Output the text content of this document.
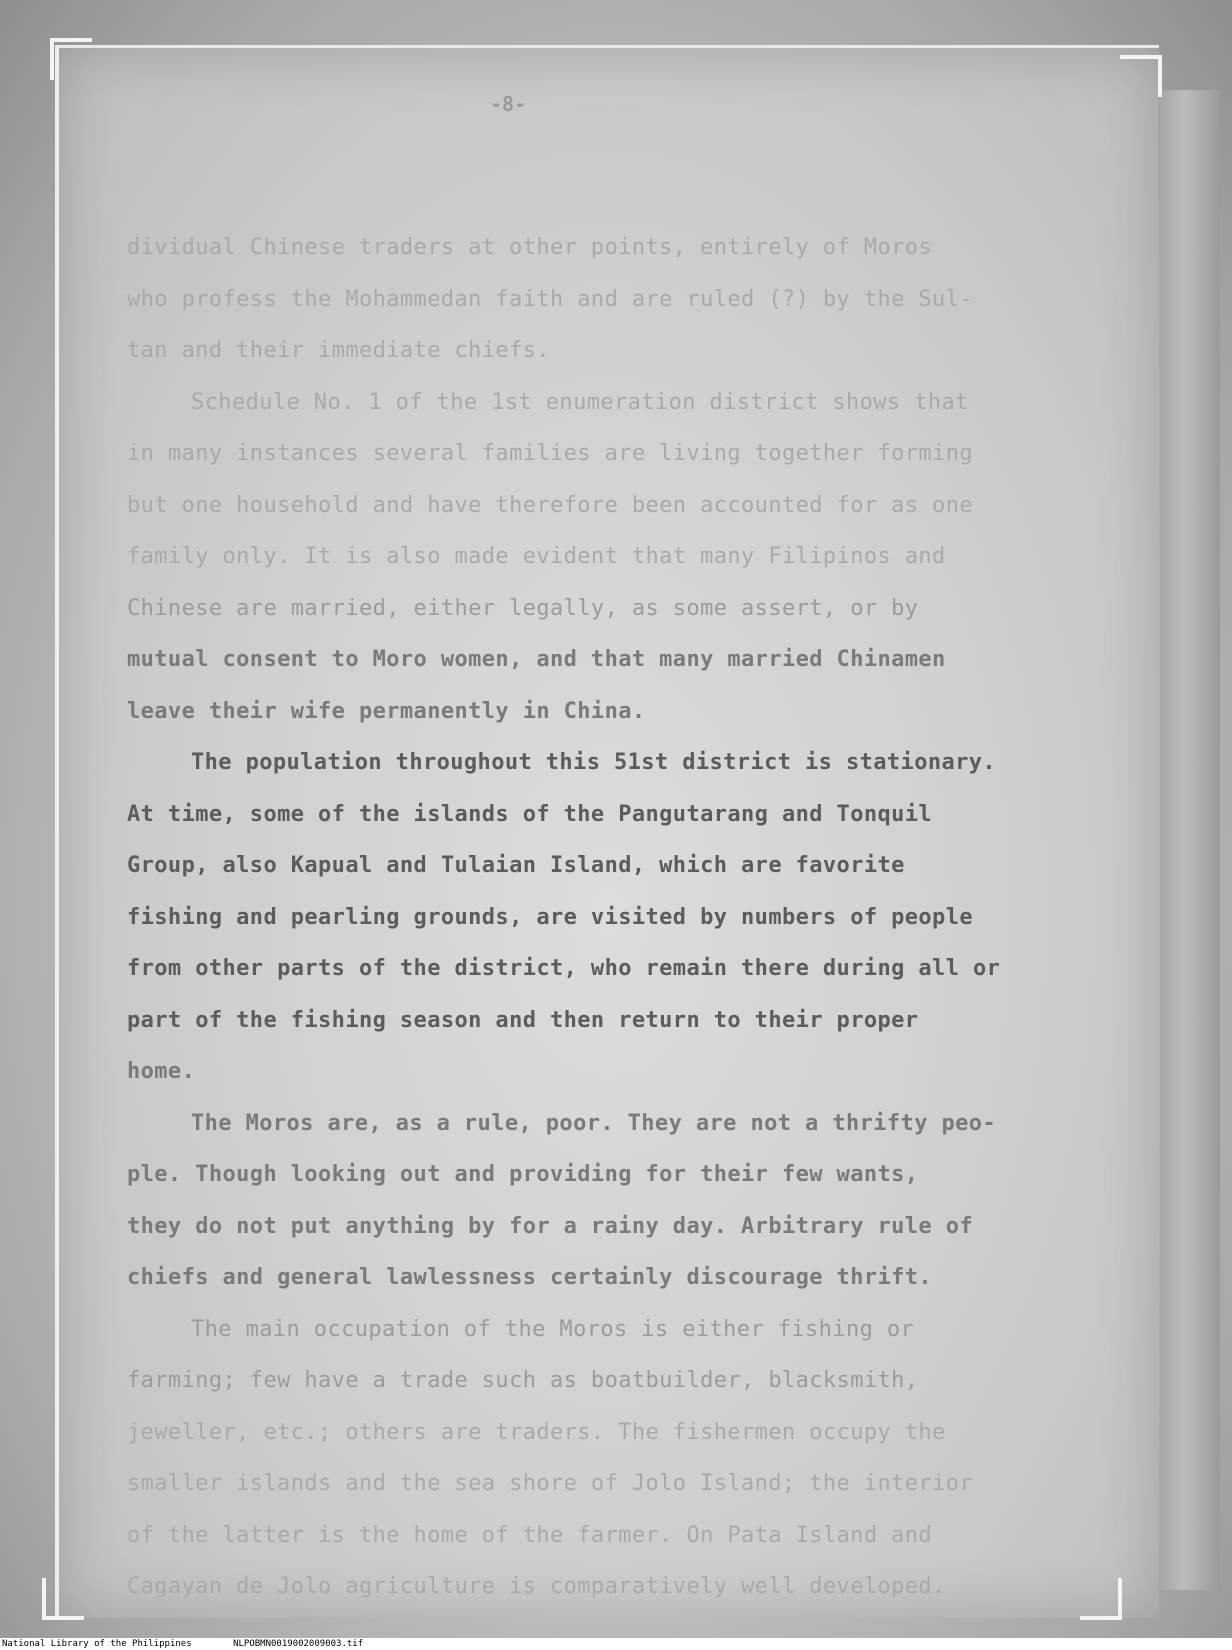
-8-
dividual Chinese traders at other points, entirely of Moros
who profess the Mohammedan faith and are ruled (?) by the Sul-
tan and their immediate chiefs.
Schedule No. 1 of the 1st enumeration district shows that
in many instances several families are living together forming
but one household and have therefore been accounted for as one
family only. It is also made evident that many Filipinos and
Chinese are married, either legally, as some assert, or by
mutual consent to Moro women, and that many married Chinamen
leave their wife permanently in China.
The population throughout this 51st district is stationary.
At time, some of the islands of the Pangutarang and Tonquil
Group, also Kapual and Tulaian Island, which are favorite
fishing and pearling grounds, are visited by numbers of people
from other parts of the district, who remain there during all or
part of the fishing season and then return to their proper
home.
The Moros are, as a rule, poor. They are not a thrifty peo-
ple. Though looking out and providing for their few wants,
they do not put anything by for a rainy day. Arbitrary rule of
chiefs and general lawlessness certainly discourage thrift.
The main occupation of the Moros is either fishing or
farming; few have a trade such as boatbuilder, blacksmith,
jeweller, etc.; others are traders. The fishermen occupy the
smaller islands and the sea shore of Jolo Island; the interior
of the latter is the home of the farmer. On Pata Island and
Cagayan de Jolo agriculture is comparatively well developed.
National Library of the Philippines	NLPOBMN0019002009003.tif
